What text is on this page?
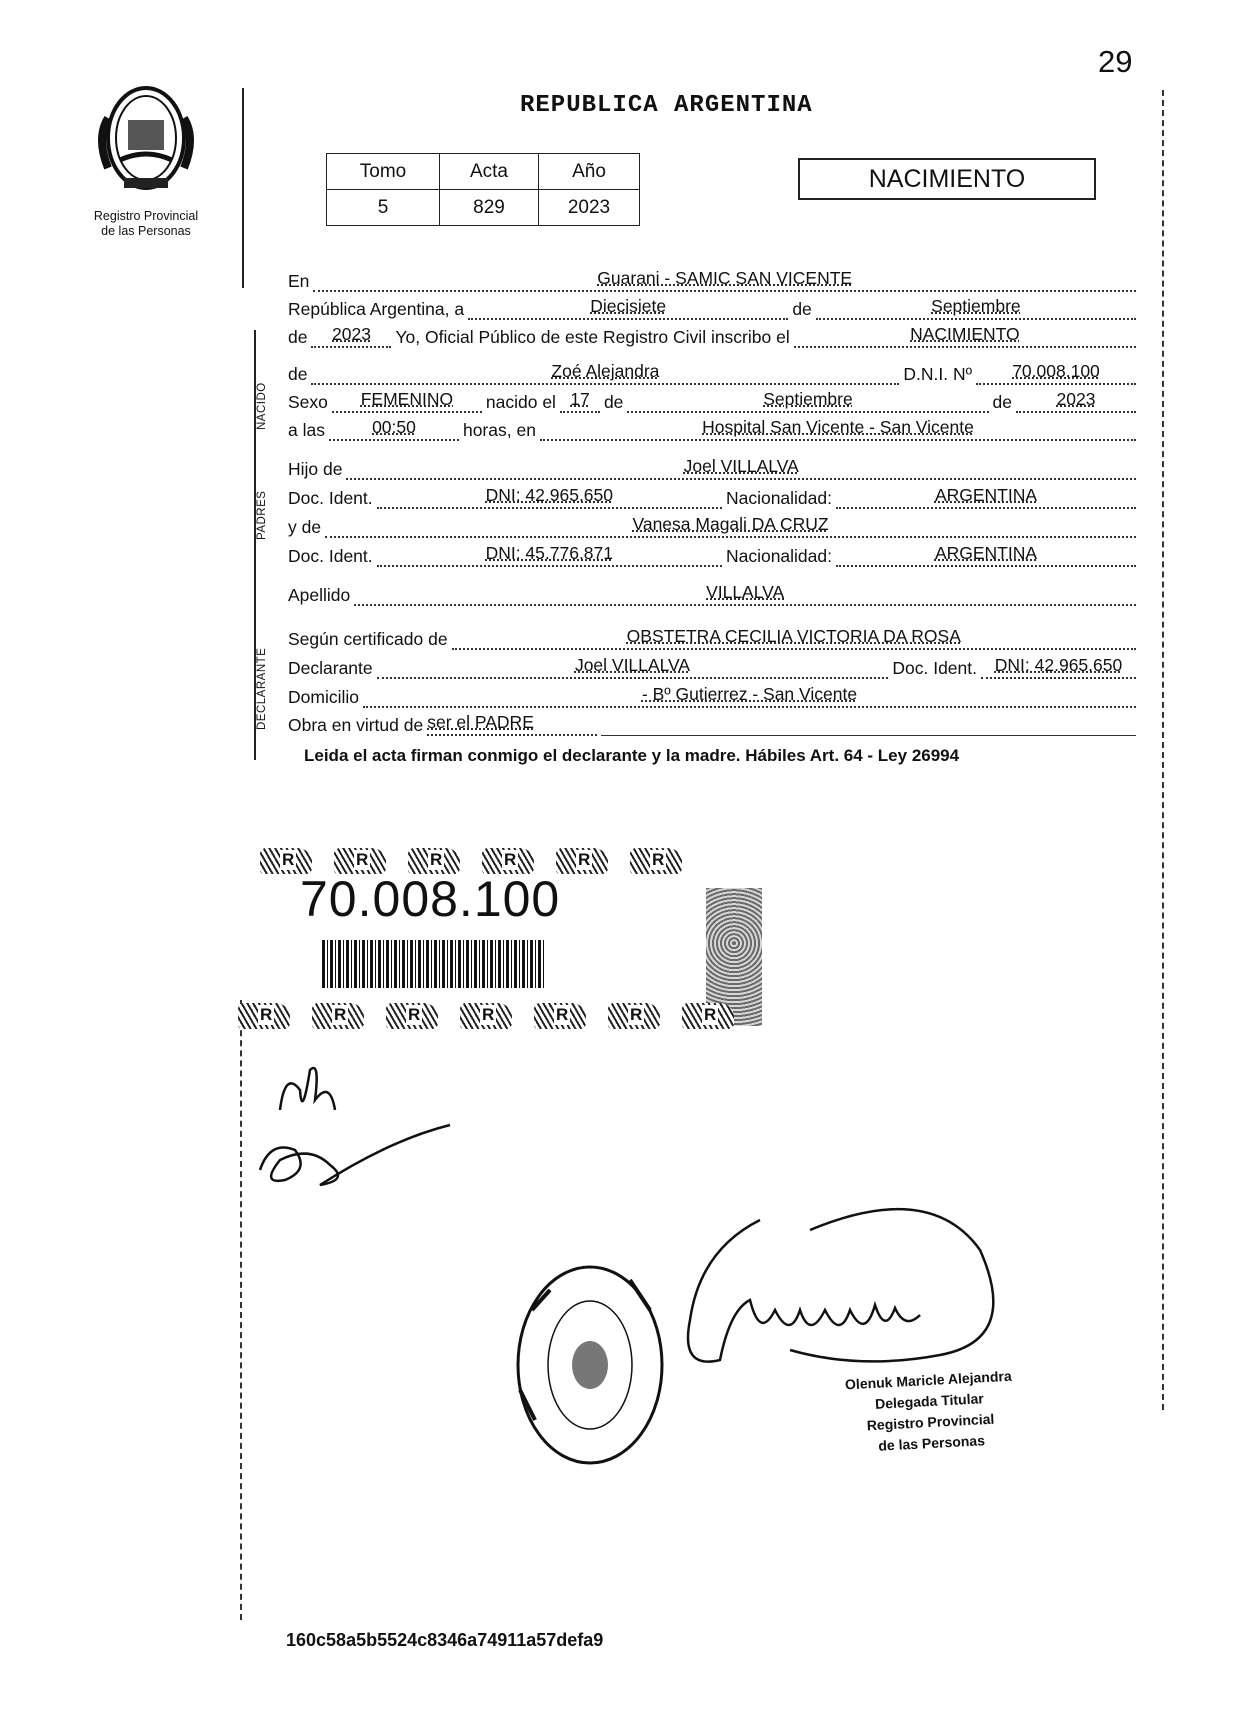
29
Registro Provincial
de las Personas
REPUBLICA ARGENTINA
Tomo	Acta	Año
5	829	2023
NACIMIENTO
NACIDO
PADRES
DECLARANTE
En	Guarani - SAMIC SAN VICENTE
República Argentina, a	Diecisiete	de	Septiembre
de	2023	Yo, Oficial Público de este Registro Civil inscribo el	NACIMIENTO
de	Zoé Alejandra	D.N.I. Nº	70.008.100
Sexo	FEMENINO	nacido el 17 de	Septiembre	de	2023
a las	00:50	horas, en	Hospital San Vicente - San Vicente
Hijo de	Joel VILLALVA
Doc. Ident.	DNI: 42.965.650	Nacionalidad:	ARGENTINA
y de	Vanesa Magali DA CRUZ
Doc. Ident.	DNI: 45.776.871	Nacionalidad:	ARGENTINA
Apellido	VILLALVA
Según certificado de	OBSTETRA CECILIA VICTORIA DA ROSA
Declarante	Joel VILLALVA	Doc. Ident.	DNI: 42.965.650
Domicilio	- Bº Gutierrez - San Vicente
Obra en virtud de ser el PADRE
Leida el acta firman conmigo el declarante y la madre. Hábiles Art. 64 - Ley 26994
R
R
R
R
R
R
70.008.100
R
R
R
R
R
R
R
Olenuk Maricle Alejandra
Delegada Titular
Registro Provincial
de las Personas
160c58a5b5524c8346a74911a57defa9
